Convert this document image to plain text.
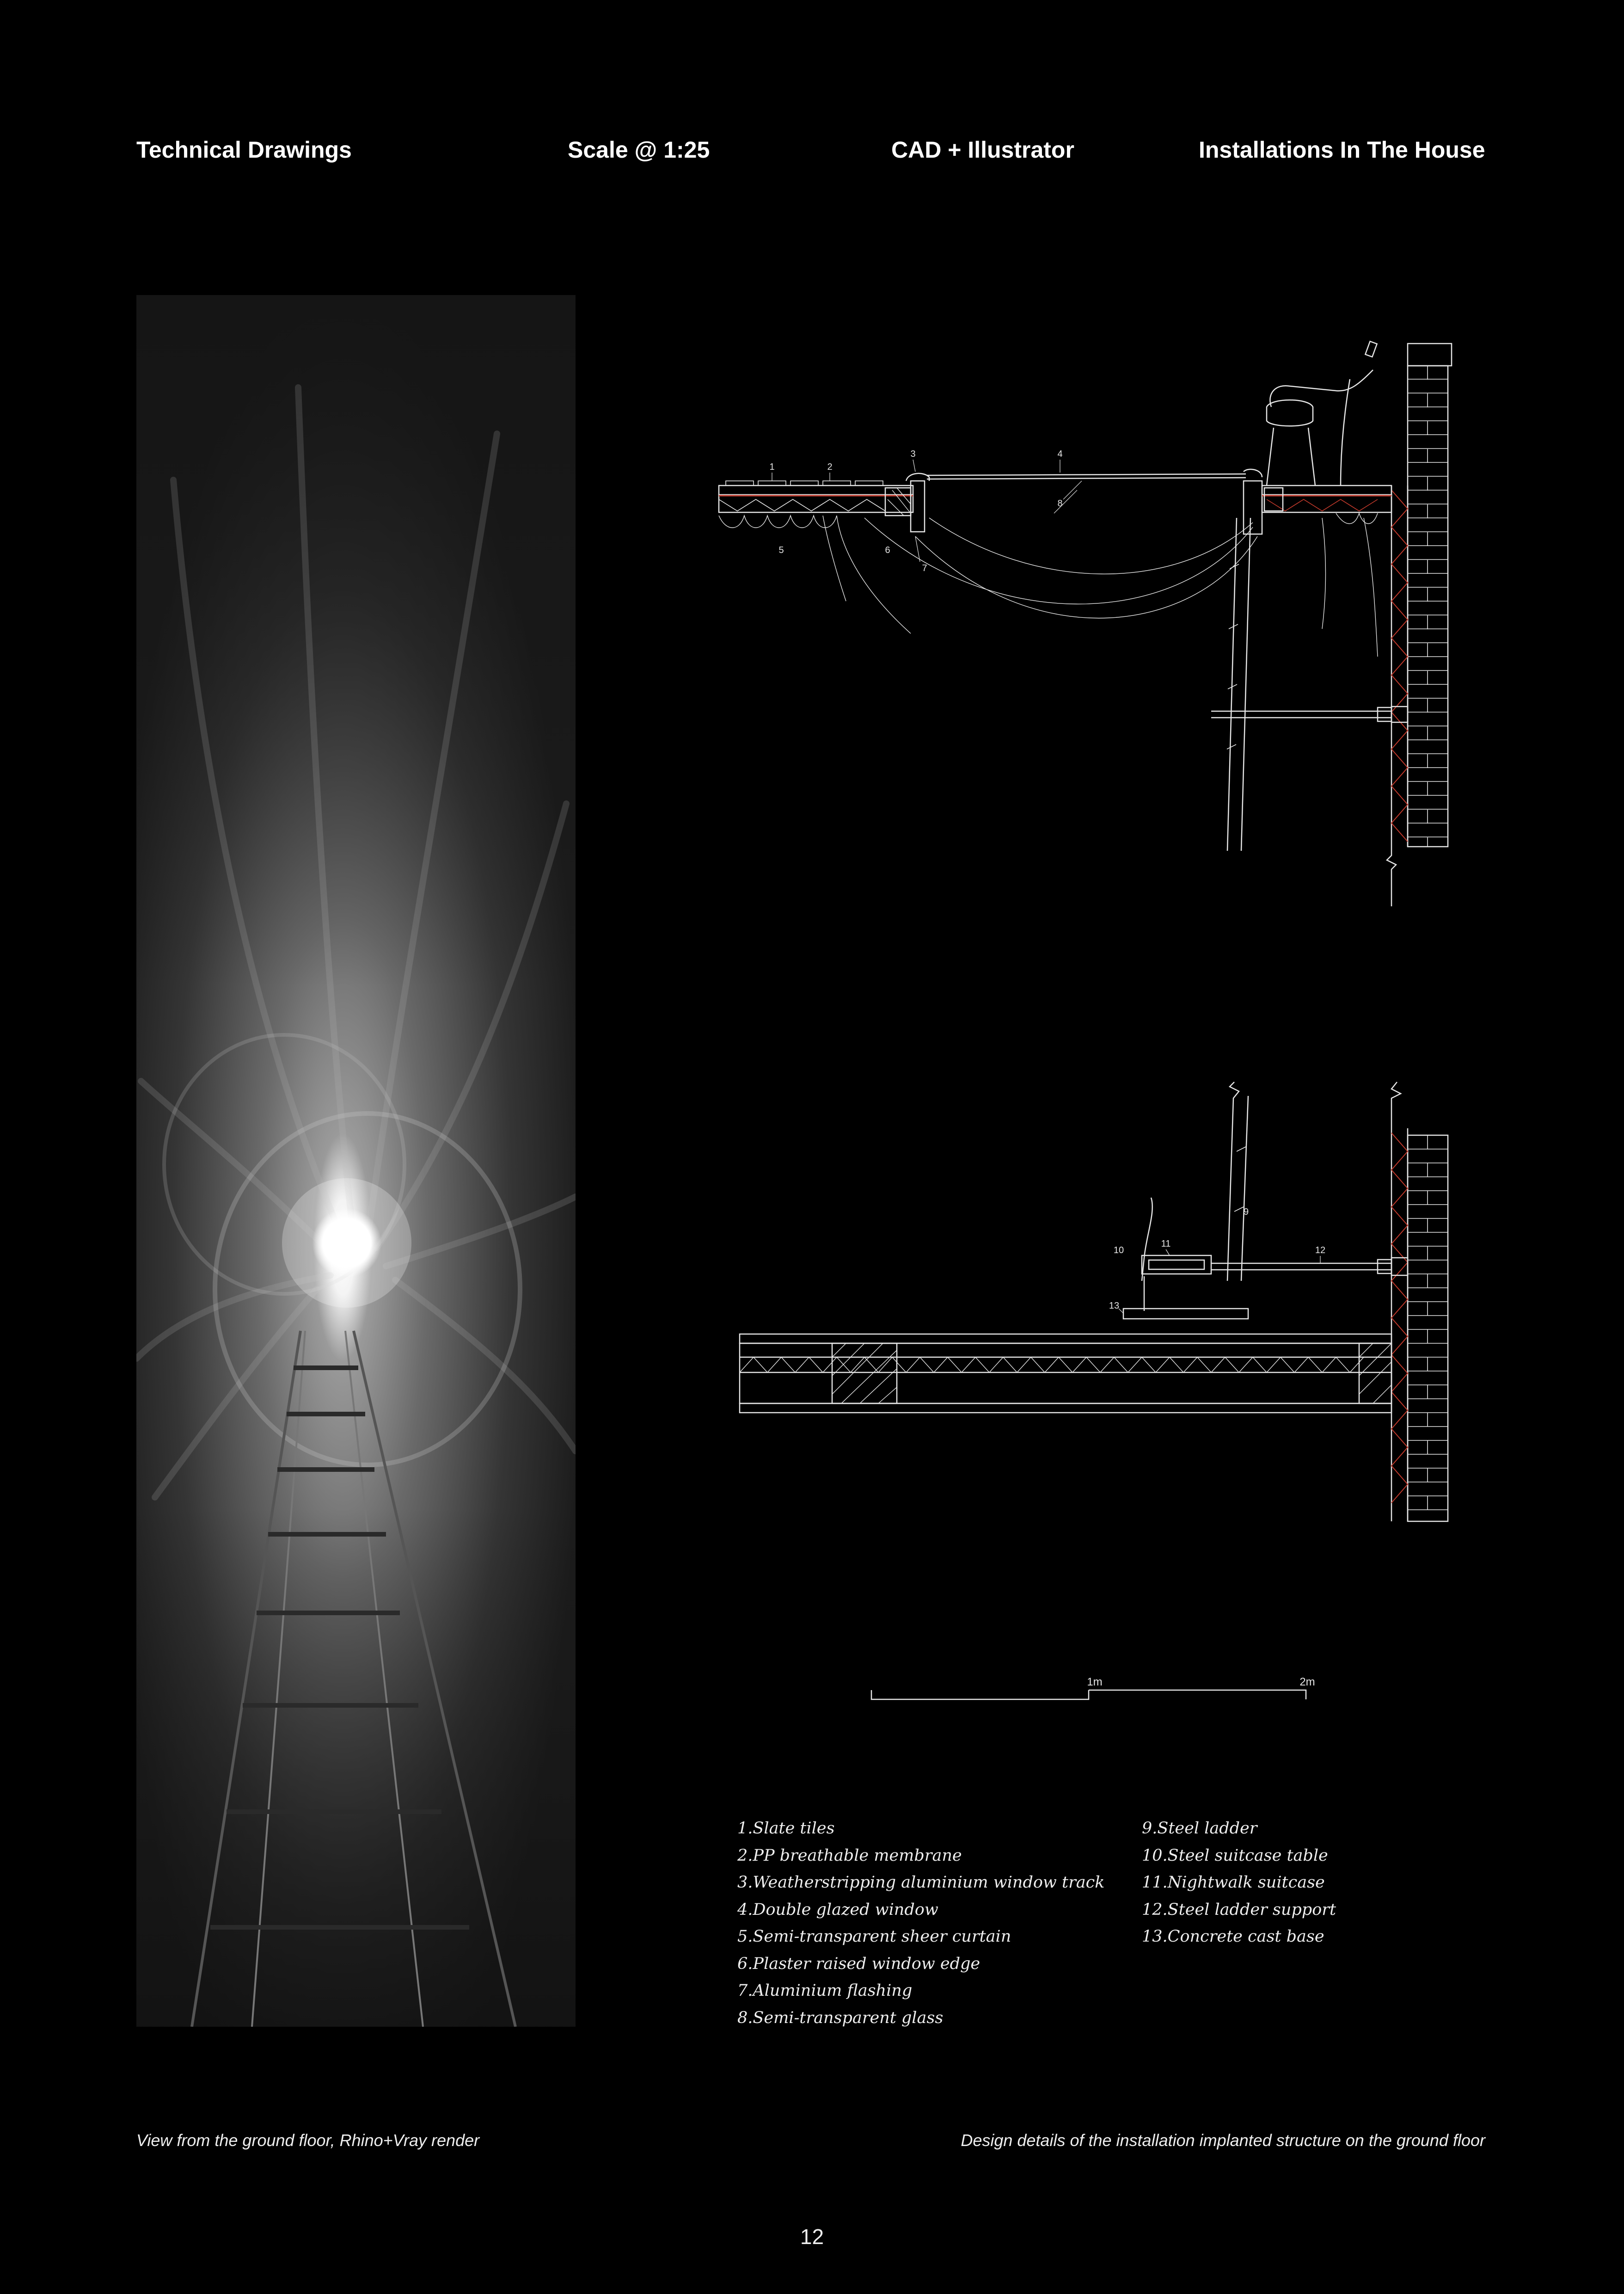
Technical Drawings	Scale @ 1:25	CAD + Illustrator	Installations In The House
1	2
3	4
5	6
7
8
9
10
11
12
13
1m	2m
1.Slate tiles
2.PP breathable membrane
3.Weatherstripping aluminium window track
4.Double glazed window
5.Semi-transparent sheer curtain
6.Plaster raised window edge
7.Aluminium flashing
8.Semi-transparent glass
9.Steel ladder
10.Steel suitcase table
11.Nightwalk suitcase
12.Steel ladder support
13.Concrete cast base
View from the ground floor, Rhino+Vray render	Design details of the installation implanted structure on the ground floor
12
